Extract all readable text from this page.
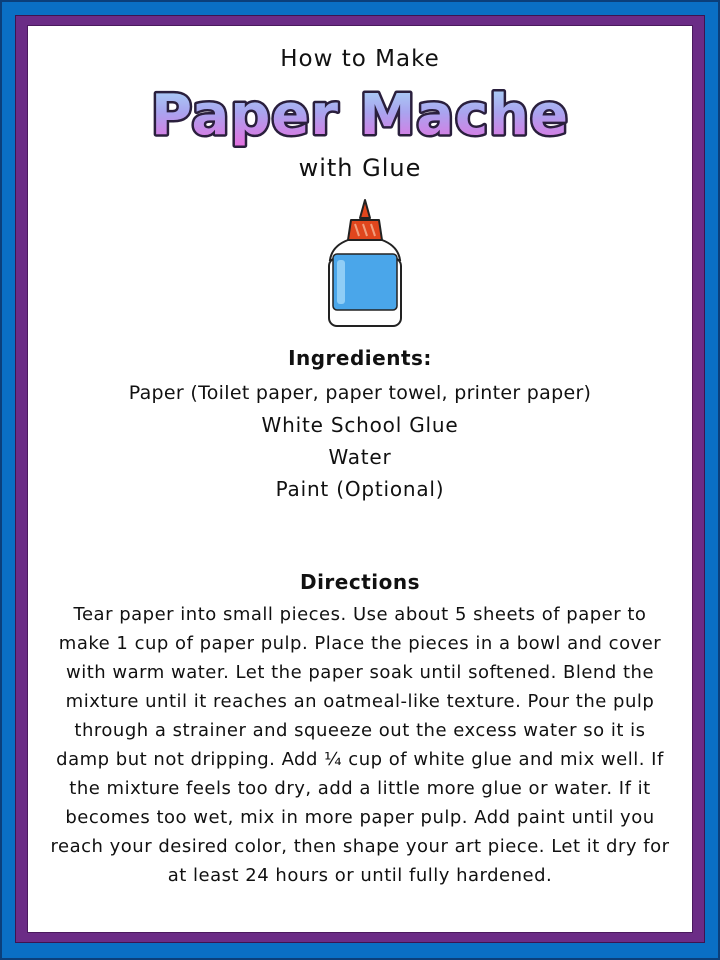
How to Make
Paper Mache
with Glue
Ingredients:
Paper (Toilet paper, paper towel, printer paper)
White School Glue
Water
Paint (Optional)
Directions

Tear paper into small pieces. Use about 5 sheets of paper to make 1 cup of paper pulp. Place the pieces in a bowl and cover with warm water. Let the paper soak until softened. Blend the mixture until it reaches an oatmeal-like texture. Pour the pulp through a strainer and squeeze out the excess water so it is damp but not dripping. Add ¼ cup of white glue and mix well. If the mixture feels too dry, add a little more glue or water. If it becomes too wet, mix in more paper pulp. Add paint until you reach your desired color, then shape your art piece. Let it dry for at least 24 hours or until fully hardened.
